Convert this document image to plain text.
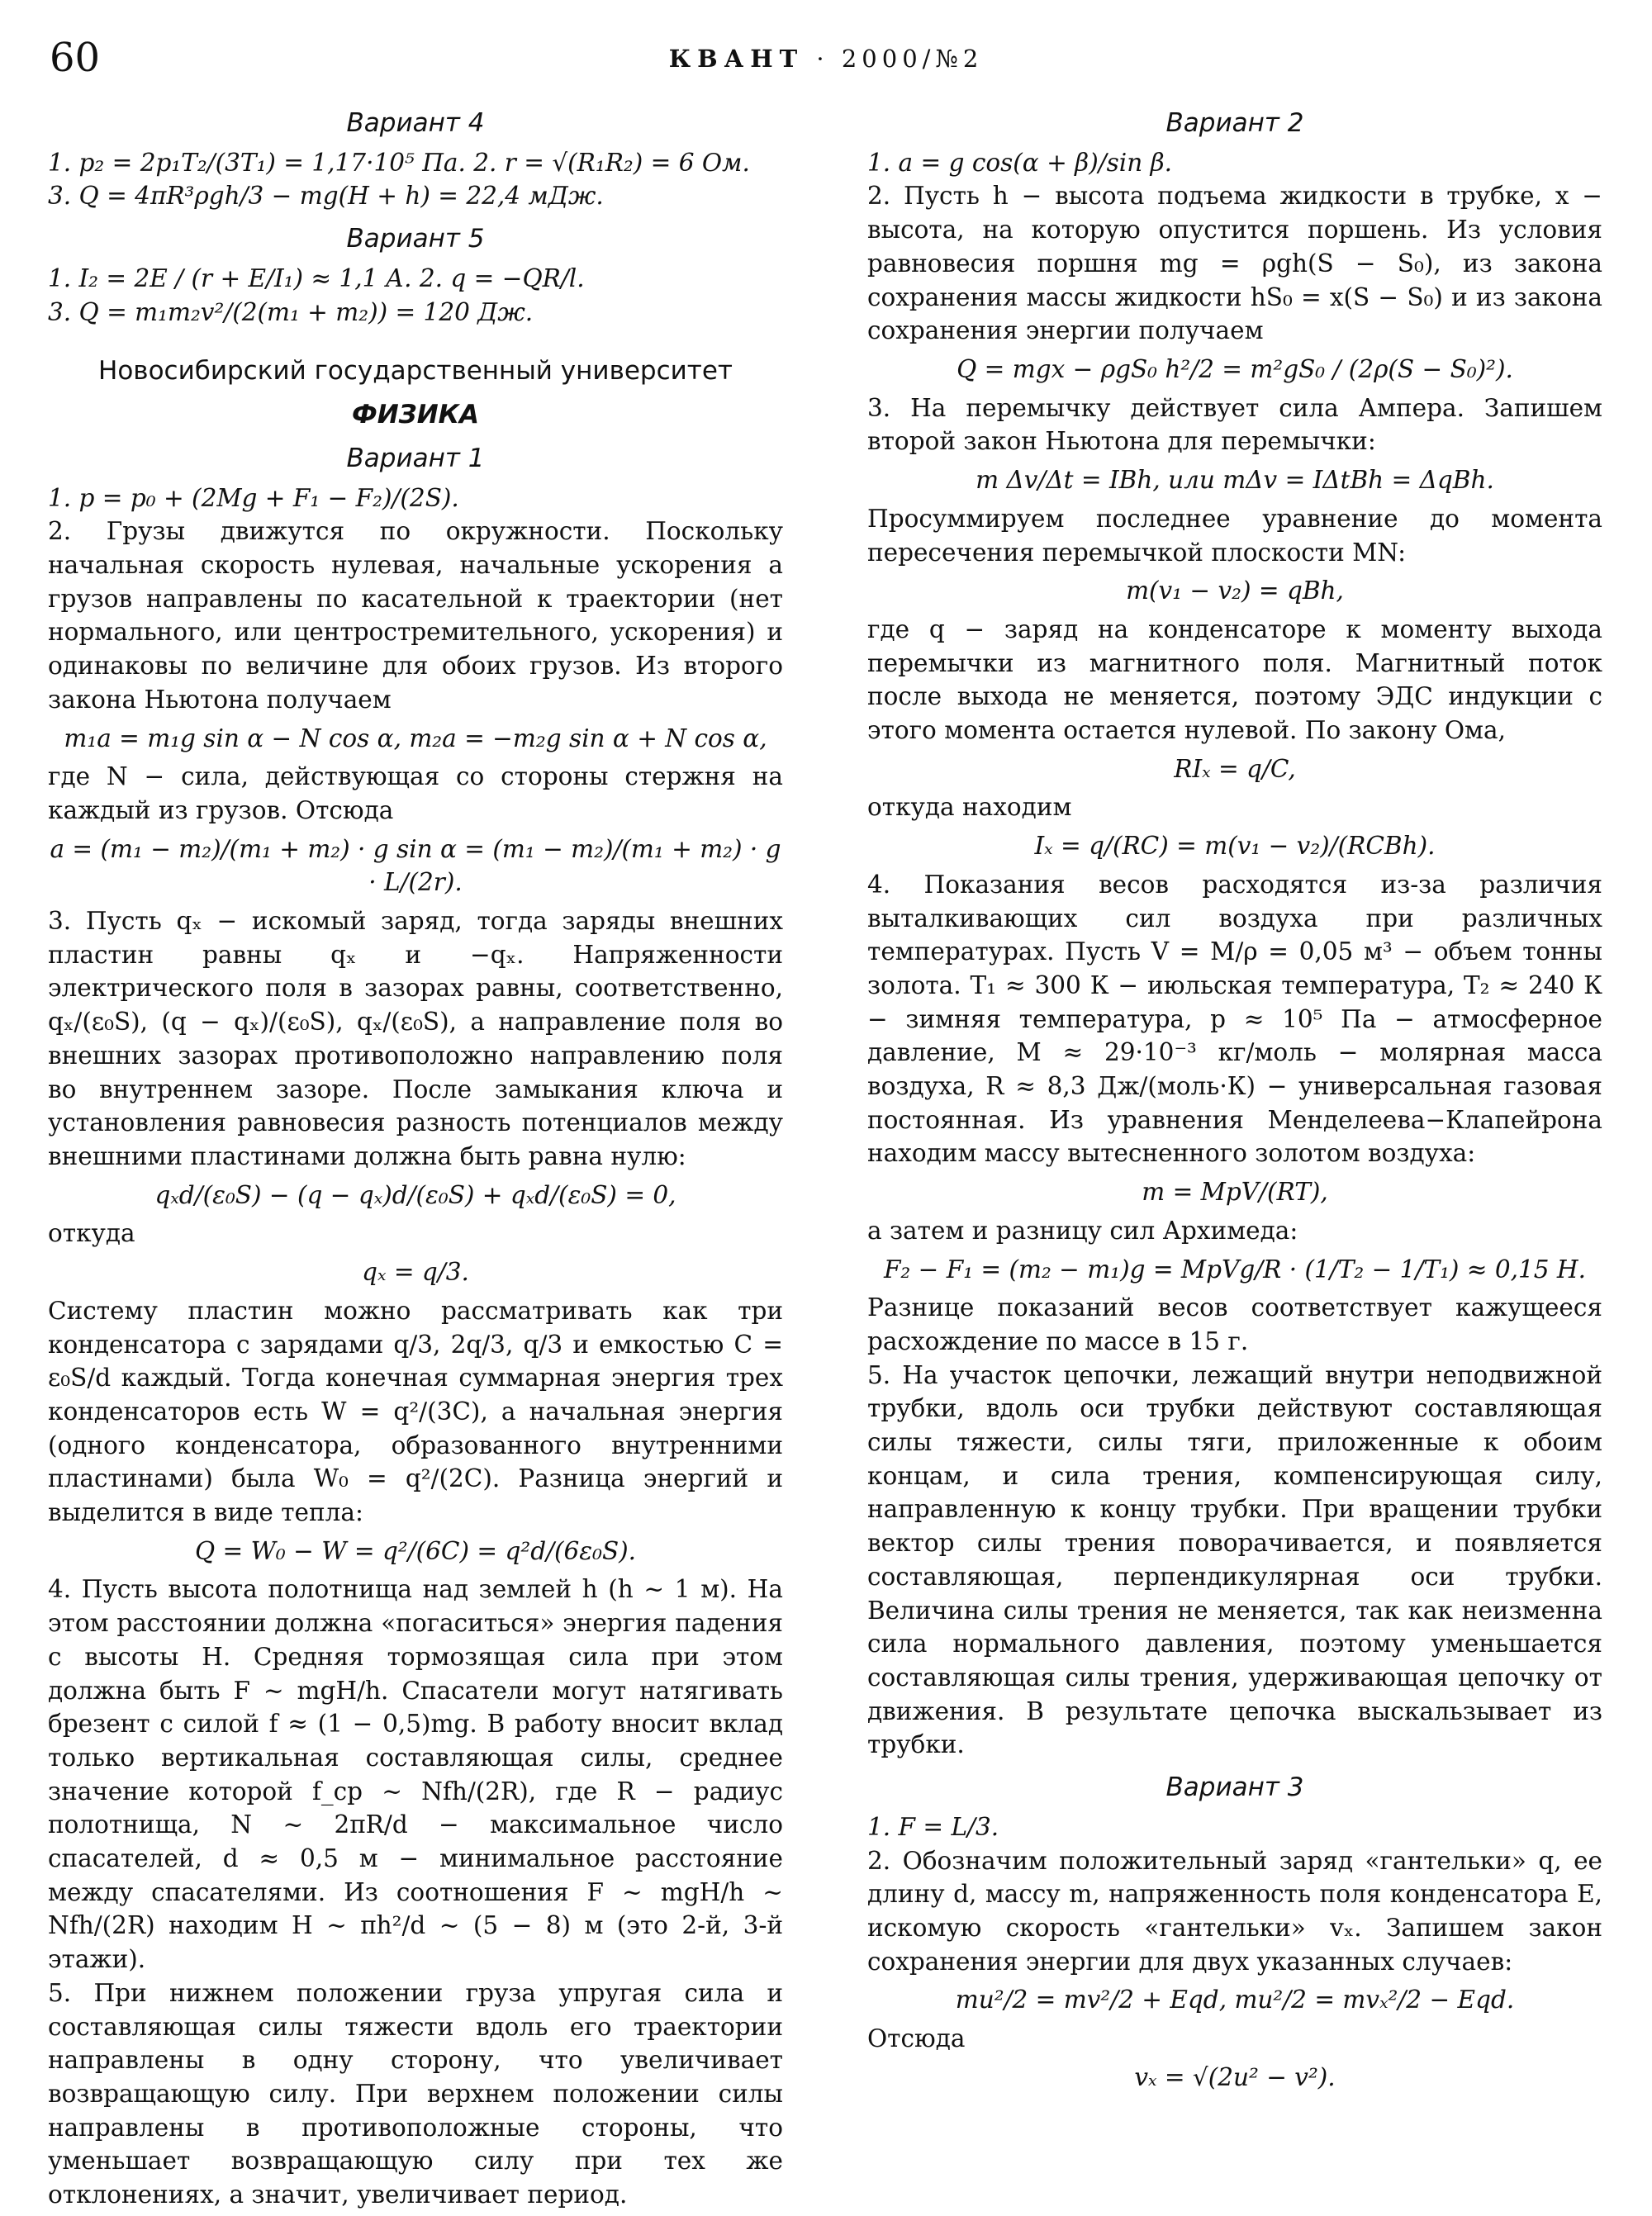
60	КВАНТ · 2000/№2
Вариант 4

1. p₂ = 2p₁T₂/(3T₁) = 1,17·10⁵ Па. 2. r = √(R₁R₂) = 6 Ом.

3. Q = 4πR³ρgh/3 − mg(H + h) = 22,4 мДж.

Вариант 5

1. I₂ = 2E / (r + E/I₁) ≈ 1,1 А. 2. q = −QR/l.

3. Q = m₁m₂v²/(2(m₁ + m₂)) = 120 Дж.

Новосибирский государственный университет
ФИЗИКА
Вариант 1

1. p = p₀ + (2Mg + F₁ − F₂)/(2S).

2. Грузы движутся по окружности. Поскольку начальная скорость нулевая, начальные ускорения a грузов направлены по касательной к траектории (нет нормального, или центростремительного, ускорения) и одинаковы по величине для обоих грузов. Из второго закона Ньютона получаем

m₁a = m₁g sin α − N cos α, m₂a = −m₂g sin α + N cos α,

где N − сила, действующая со стороны стержня на каждый из грузов. Отсюда

a = (m₁ − m₂)/(m₁ + m₂) · g sin α = (m₁ − m₂)/(m₁ + m₂) · g · L/(2r).

3. Пусть qₓ − искомый заряд, тогда заряды внешних пластин равны qₓ и −qₓ. Напряженности электрического поля в зазорах равны, соответственно, qₓ/(ε₀S), (q − qₓ)/(ε₀S), qₓ/(ε₀S), а направление поля во внешних зазорах противоположно направлению поля во внутреннем зазоре. После замыкания ключа и установления равновесия разность потенциалов между внешними пластинами должна быть равна нулю:

qₓd/(ε₀S) − (q − qₓ)d/(ε₀S) + qₓd/(ε₀S) = 0,

откуда

qₓ = q/3.

Систему пластин можно рассматривать как три конденсатора с зарядами q/3, 2q/3, q/3 и емкостью C = ε₀S/d каждый. Тогда конечная суммарная энергия трех конденсаторов есть W = q²/(3C), а начальная энергия (одного конденсатора, образованного внутренними пластинами) была W₀ = q²/(2C). Разница энергий и выделится в виде тепла:

Q = W₀ − W = q²/(6C) = q²d/(6ε₀S).

4. Пусть высота полотнища над землей h (h ~ 1 м). На этом расстоянии должна «погаситься» энергия падения с высоты H. Средняя тормозящая сила при этом должна быть F ~ mgH/h. Спасатели могут натягивать брезент с силой f ≈ (1 − 0,5)mg. В работу вносит вклад только вертикальная составляющая силы, среднее значение которой f_ср ~ Nfh/(2R), где R − радиус полотнища, N ~ 2πR/d − максимальное число спасателей, d ≈ 0,5 м − минимальное расстояние между спасателями. Из соотношения F ~ mgH/h ~ Nfh/(2R) находим H ~ πh²/d ~ (5 − 8) м (это 2-й, 3-й этажи).

5. При нижнем положении груза упругая сила и составляющая силы тяжести вдоль его траектории направлены в одну сторону, что увеличивает возвращающую силу. При верхнем положении силы направлены в противоположные стороны, что уменьшает возвращающую силу при тех же отклонениях, а значит, увеличивает период.

Вариант 2

1. a = g cos(α + β)/sin β.

2. Пусть h − высота подъема жидкости в трубке, x − высота, на которую опустится поршень. Из условия равновесия поршня mg = ρgh(S − S₀), из закона сохранения массы жидкости hS₀ = x(S − S₀) и из закона сохранения энергии получаем

Q = mgx − ρgS₀ h²/2 = m²gS₀ / (2ρ(S − S₀)²).

3. На перемычку действует сила Ампера. Запишем второй закон Ньютона для перемычки:

m Δv/Δt = IBh, или mΔv = IΔtBh = ΔqBh.

Просуммируем последнее уравнение до момента пересечения перемычкой плоскости MN:

m(v₁ − v₂) = qBh,

где q − заряд на конденсаторе к моменту выхода перемычки из магнитного поля. Магнитный поток после выхода не меняется, поэтому ЭДС индукции с этого момента остается нулевой. По закону Ома,

RIₓ = q/C,

откуда находим

Iₓ = q/(RC) = m(v₁ − v₂)/(RCBh).

4. Показания весов расходятся из-за различия выталкивающих сил воздуха при различных температурах. Пусть V = M/ρ = 0,05 м³ − объем тонны золота. T₁ ≈ 300 К − июльская температура, T₂ ≈ 240 К − зимняя температура, p ≈ 10⁵ Па − атмосферное давление, M ≈ 29·10⁻³ кг/моль − молярная масса воздуха, R ≈ 8,3 Дж/(моль·К) − универсальная газовая постоянная. Из уравнения Менделеева−Клапейрона находим массу вытесненного золотом воздуха:

m = MpV/(RT),

а затем и разницу сил Архимеда:

F₂ − F₁ = (m₂ − m₁)g = MpVg/R · (1/T₂ − 1/T₁) ≈ 0,15 Н.

Разнице показаний весов соответствует кажущееся расхождение по массе в 15 г.

5. На участок цепочки, лежащий внутри неподвижной трубки, вдоль оси трубки действуют составляющая силы тяжести, силы тяги, приложенные к обоим концам, и сила трения, компенсирующая силу, направленную к концу трубки. При вращении трубки вектор силы трения поворачивается, и появляется составляющая, перпендикулярная оси трубки. Величина силы трения не меняется, так как неизменна сила нормального давления, поэтому уменьшается составляющая силы трения, удерживающая цепочку от движения. В результате цепочка выскальзывает из трубки.

Вариант 3

1. F = L/3.

2. Обозначим положительный заряд «гантельки» q, ее длину d, массу m, напряженность поля конденсатора E, искомую скорость «гантельки» vₓ. Запишем закон сохранения энергии для двух указанных случаев:

mu²/2 = mv²/2 + Eqd, mu²/2 = mvₓ²/2 − Eqd.

Отсюда

vₓ = √(2u² − v²).
